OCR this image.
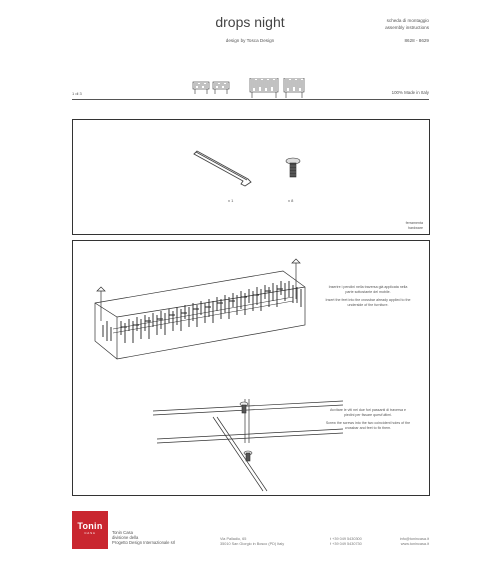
drops night
design by Tosca Design
scheda di montaggio
assembly instructions
8628 - 8629
1 di 3	100% Made in Italy
x 1	x 8
ferramenta
hardware
Inserire i pendini nella traversa già applicata nella parte sottostante del mobile.
Insert the feet into the crossbar already applied to the underside of the furniture.
Avvitare le viti nei due fori passanti di traversa e piedini per fissare quest'ultimi.
Screw the screws into the two coincident holes of the crossbar and feet to fix them.
Tonin
CASA	Tonin Casa
divisione della
Progetto Design Internazionale srl
Via Palladio, 65
35010 San Giorgio in Bosco (PD) Italy
t +39 049 5430300
f +39 049 5430730
info@tonincasa.it
www.tonincasa.it
